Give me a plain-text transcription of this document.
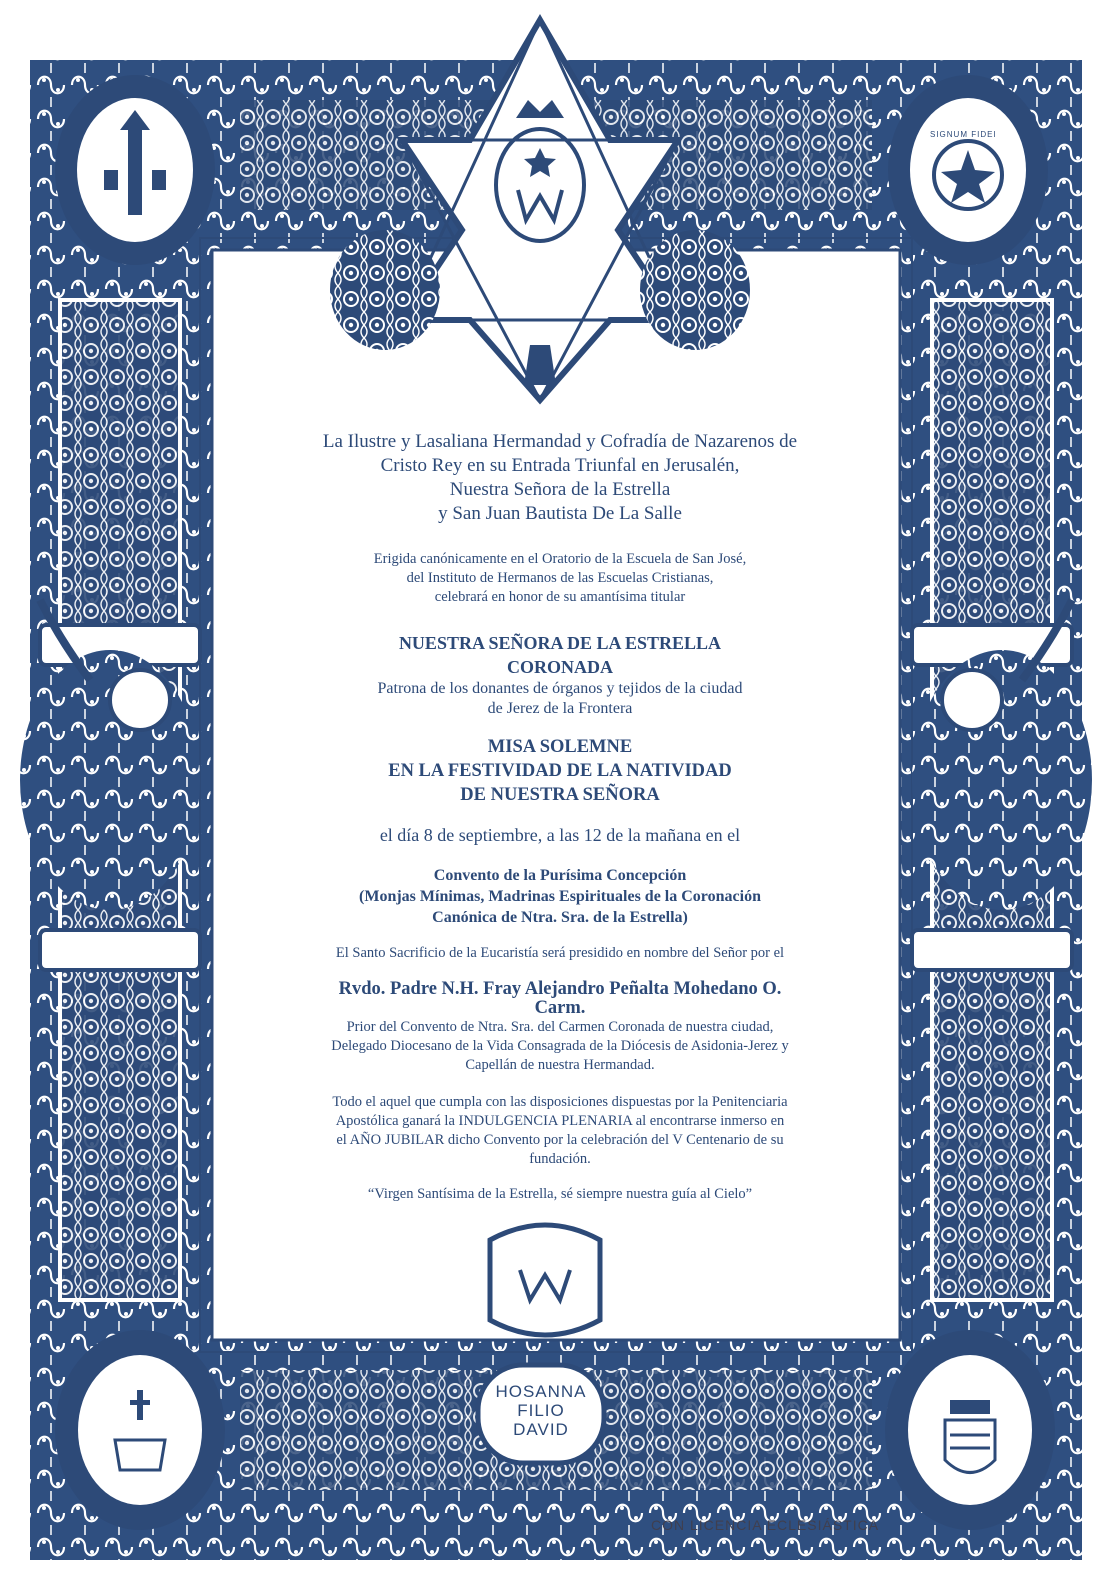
SIGNUM FIDEI
HOSANNA
FILIO
DAVID
CON LICENCIA ECLESIÁSTICA

La Ilustre y Lasaliana Hermandad y Cofradía de Nazarenos de
Cristo Rey en su Entrada Triunfal en Jerusalén,
Nuestra Señora de la Estrella
y San Juan Bautista De La Salle

Erigida canónicamente en el Oratorio de la Escuela de San José,
del Instituto de Hermanos de las Escuelas Cristianas,
celebrará en honor de su amantísima titular

NUESTRA SEÑORA DE LA ESTRELLA
CORONADA

Patrona de los donantes de órganos y tejidos de la ciudad
de Jerez de la Frontera

MISA SOLEMNE
EN LA FESTIVIDAD DE LA NATIVIDAD
DE NUESTRA SEÑORA

el día 8 de septiembre, a las 12 de la mañana en el

Convento de la Purísima Concepción
(Monjas Mínimas, Madrinas Espirituales de la Coronación
Canónica de Ntra. Sra. de la Estrella)

El Santo Sacrificio de la Eucaristía será presidido en nombre del Señor por el

Rvdo. Padre N.H. Fray Alejandro Peñalta Mohedano O.
Carm.

Prior del Convento de Ntra. Sra. del Carmen Coronada de nuestra ciudad,
Delegado Diocesano de la Vida Consagrada de la Diócesis de Asidonia-Jerez y
Capellán de nuestra Hermandad.

Todo el aquel que cumpla con las disposiciones dispuestas por la Penitenciaria
Apostólica ganará la INDULGENCIA PLENARIA al encontrarse inmerso en
el AÑO JUBILAR dicho Convento por la celebración del V Centenario de su
fundación.

“Virgen Santísima de la Estrella, sé siempre nuestra guía al Cielo”
